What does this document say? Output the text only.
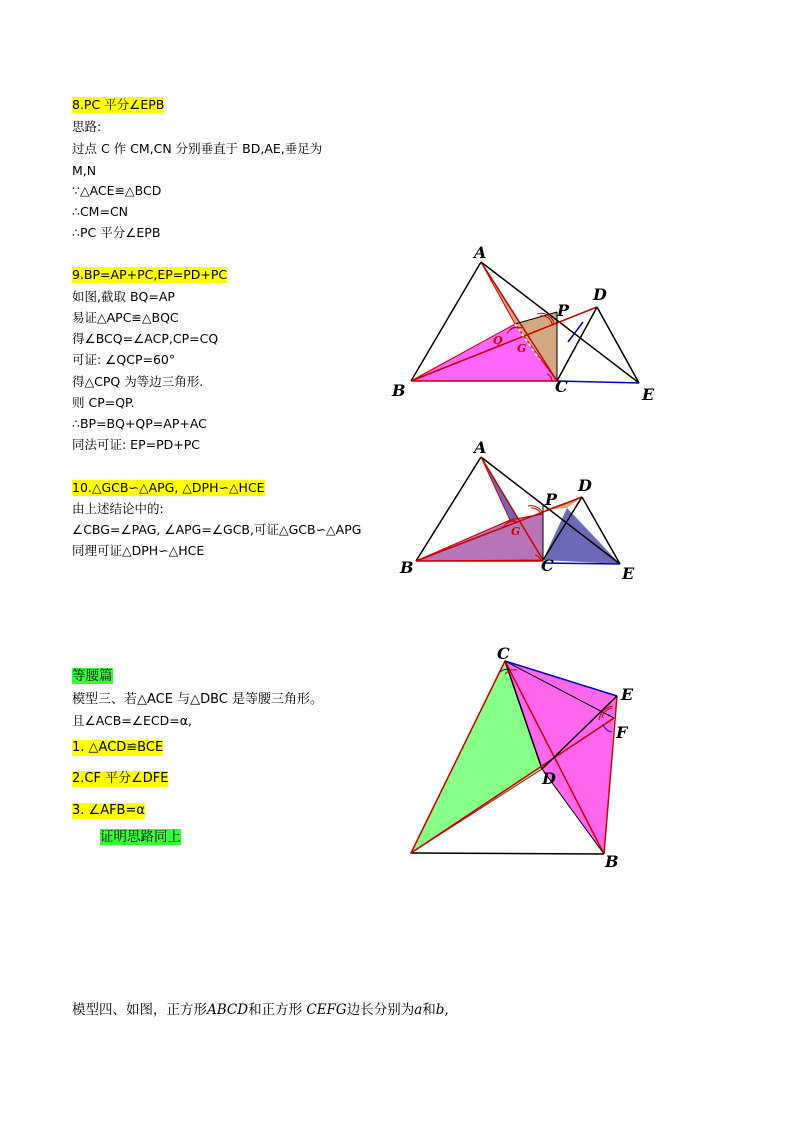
8.PC 平分∠EPB
思路:
过点 C 作 CM,CN 分别垂直于 BD,AE,垂足为
M,N
∵△ACE≌△BCD
∴CM=CN
∴PC 平分∠EPB
9.BP=AP+PC,EP=PD+PC
如图,截取 BQ=AP
易证△APC≌△BQC
得∠BCQ=∠ACP,CP=CQ
可证: ∠QCP=60°
得△CPQ 为等边三角形.
则 CP=QP.
∴BP=BQ+QP=AP+AC
同法可证: EP=PD+PC
10.△GCB∽△APG, △DPH∽△HCE
由上述结论中的:
∠CBG=∠PAG, ∠APG=∠GCB,可证△GCB∽△APG
同理可证△DPH∽△HCE
等腰篇
模型三、若△ACE 与△DBC 是等腰三角形。
且∠ACB=∠ECD=α,
1. △ACD≌BCE
2.CF 平分∠DFE
3. ∠AFB=α
证明思路同上
A
B	C
D
E
P
Q
G
A
B	C
D
E
P
G
C
E
F
D
B
模型四、如图，正方形ABCD和正方形 CEFG边长分别为a和b,
